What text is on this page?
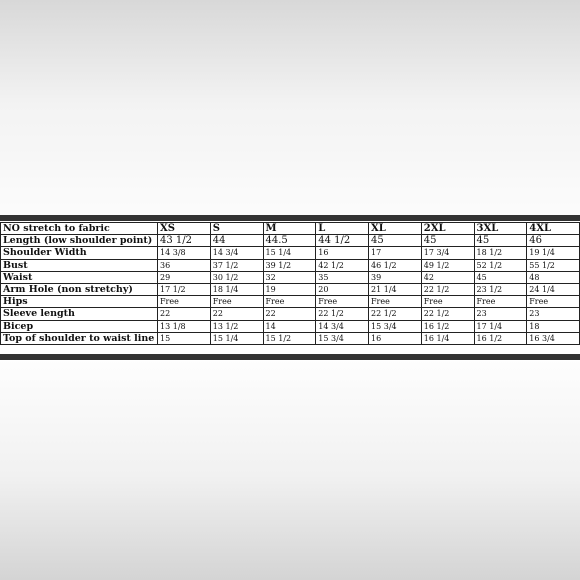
NO stretch to fabric	XS	S	M	L	XL	2XL	3XL	4XL
Length (low shoulder point)	43 1/2	44	44.5	44 1/2	45	45	45	46
Shoulder Width	14 3/8	14 3/4	15 1/4	16	17	17 3/4	18 1/2	19 1/4
Bust	36	37 1/2	39 1/2	42 1/2	46 1/2	49 1/2	52 1/2	55 1/2
Waist	29	30 1/2	32	35	39	42	45	48
Arm Hole (non stretchy)	17 1/2	18 1/4	19	20	21 1/4	22 1/2	23 1/2	24 1/4
Hips	Free	Free	Free	Free	Free	Free	Free	Free
Sleeve length	22	22	22	22 1/2	22 1/2	22 1/2	23	23
Bicep	13 1/8	13 1/2	14	14 3/4	15 3/4	16 1/2	17 1/4	18
Top of shoulder to waist line	15	15 1/4	15 1/2	15 3/4	16	16 1/4	16 1/2	16 3/4
